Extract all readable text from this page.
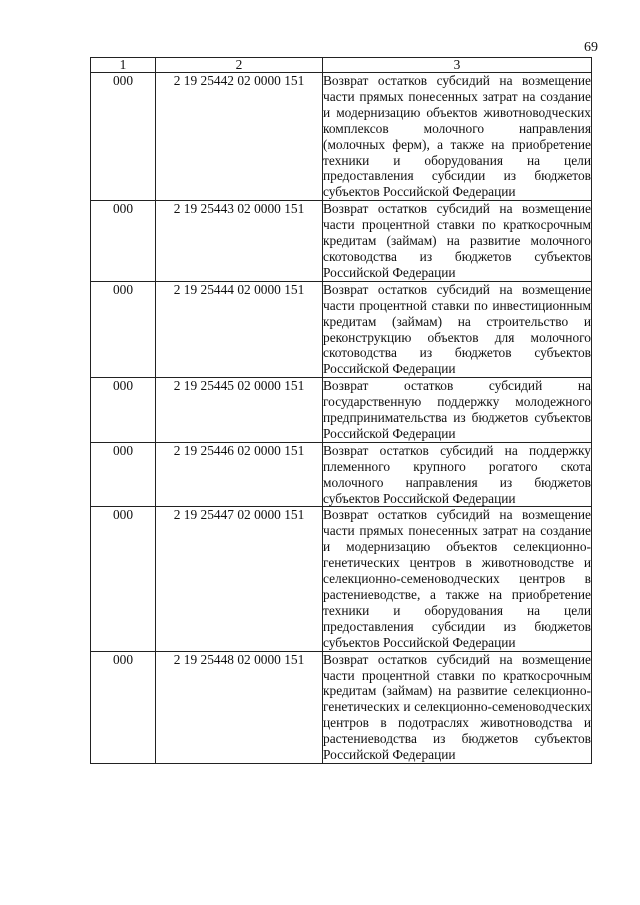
69
1	2	3
000	2 19 25442 02 0000 151	Возврат остатков субсидий на возмещение части прямых понесенных затрат на создание и модернизацию объектов животноводческих комплексов молочного направления (молочных ферм), а также на приобретение техники и оборудования на цели предоставления субсидии из бюджетов субъектов Российской Федерации
000	2 19 25443 02 0000 151	Возврат остатков субсидий на возмещение части процентной ставки по краткосрочным кредитам (займам) на развитие молочного скотоводства из бюджетов субъектов Российской Федерации
000	2 19 25444 02 0000 151	Возврат остатков субсидий на возмещение части процентной ставки по инвестиционным кредитам (займам) на строительство и реконструкцию объектов для молочного скотоводства из бюджетов субъектов Российской Федерации
000	2 19 25445 02 0000 151	Возврат остатков субсидий на государственную поддержку молодежного предпринимательства из бюджетов субъектов Российской Федерации
000	2 19 25446 02 0000 151	Возврат остатков субсидий на поддержку племенного крупного рогатого скота молочного направления из бюджетов субъектов Российской Федерации
000	2 19 25447 02 0000 151	Возврат остатков субсидий на возмещение части прямых понесенных затрат на создание и модернизацию объектов селекционно-генетических центров в животноводстве и селекционно-семеноводческих центров в растениеводстве, а также на приобретение техники и оборудования на цели предоставления субсидии из бюджетов субъектов Российской Федерации
000	2 19 25448 02 0000 151	Возврат остатков субсидий на возмещение части процентной ставки по краткосрочным кредитам (займам) на развитие селекционно-генетических и селекционно-семеноводческих центров в подотраслях животноводства и растениеводства из бюджетов субъектов Российской Федерации
